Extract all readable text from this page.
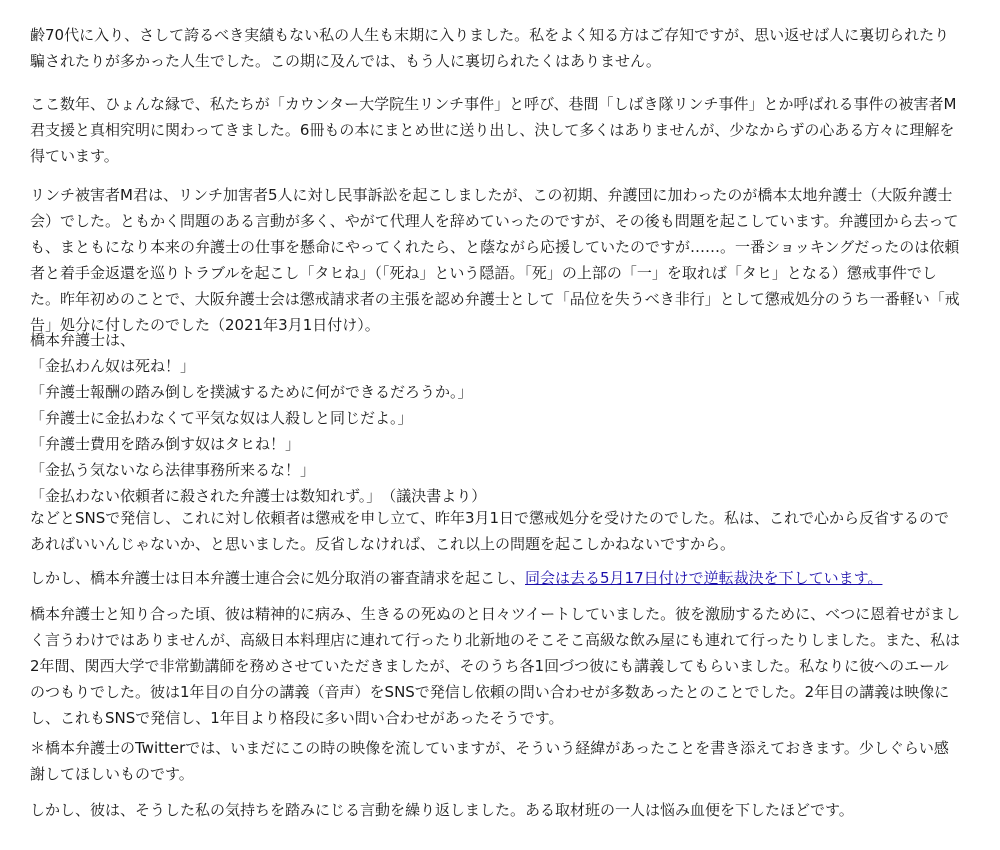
齢70代に入り、さして誇るべき実績もない私の人生も末期に入りました。私をよく知る方はご存知ですが、思い返せば人に裏切られたり
騙されたりが多かった人生でした。この期に及んでは、もう人に裏切られたくはありません。

ここ数年、ひょんな縁で、私たちが「カウンター大学院生リンチ事件」と呼び、巷間「しばき隊リンチ事件」とか呼ばれる事件の被害者M
君支援と真相究明に関わってきました。6冊もの本にまとめ世に送り出し、決して多くはありませんが、少なからずの心ある方々に理解を
得ています。

リンチ被害者M君は、リンチ加害者5人に対し民事訴訟を起こしましたが、この初期、弁護団に加わったのが橋本太地弁護士（大阪弁護士
会）でした。ともかく問題のある言動が多く、やがて代理人を辞めていったのですが、その後も問題を起こしています。弁護団から去って
も、まともになり本来の弁護士の仕事を懸命にやってくれたら、と蔭ながら応援していたのですが……。一番ショッキングだったのは依頼
者と着手金返還を巡りトラブルを起こし「タヒね」（「死ね」という隠語。「死」の上部の「一」を取れば「タヒ」となる）懲戒事件でし
た。昨年初めのことで、大阪弁護士会は懲戒請求者の主張を認め弁護士として「品位を失うべき非行」として懲戒処分のうち一番軽い「戒
告」処分に付したのでした（2021年3月1日付け）。

橋本弁護士は、
「金払わん奴は死ね！」
「弁護士報酬の踏み倒しを撲滅するために何ができるだろうか。」
「弁護士に金払わなくて平気な奴は人殺しと同じだよ。」
「弁護士費用を踏み倒す奴はタヒね！」
「金払う気ないなら法律事務所来るな！」
「金払わない依頼者に殺された弁護士は数知れず。」　（議決書より）

などとSNSで発信し、これに対し依頼者は懲戒を申し立て、昨年3月1日で懲戒処分を受けたのでした。私は、これで心から反省するので
あればいいんじゃないか、と思いました。反省しなければ、これ以上の問題を起こしかねないですから。

しかし、橋本弁護士は日本弁護士連合会に処分取消の審査請求を起こし、同会は去る5月17日付けで逆転裁決を下しています。

橋本弁護士と知り合った頃、彼は精神的に病み、生きるの死ぬのと日々ツイートしていました。彼を激励するために、べつに恩着せがまし
く言うわけではありませんが、高級日本料理店に連れて行ったり北新地のそこそこ高級な飲み屋にも連れて行ったりしました。また、私は
2年間、関西大学で非常勤講師を務めさせていただきましたが、そのうち各1回づつ彼にも講義してもらいました。私なりに彼へのエール
のつもりでした。彼は1年目の自分の講義（音声）をSNSで発信し依頼の問い合わせが多数あったとのことでした。2年目の講義は映像に
し、これもSNSで発信し、1年目より格段に多い問い合わせがあったそうです。

＊橋本弁護士のTwitterでは、いまだにこの時の映像を流していますが、そういう経緯があったことを書き添えておきます。少しぐらい感
謝してほしいものです。

しかし、彼は、そうした私の気持ちを踏みにじる言動を繰り返しました。ある取材班の一人は悩み血便を下したほどです。
